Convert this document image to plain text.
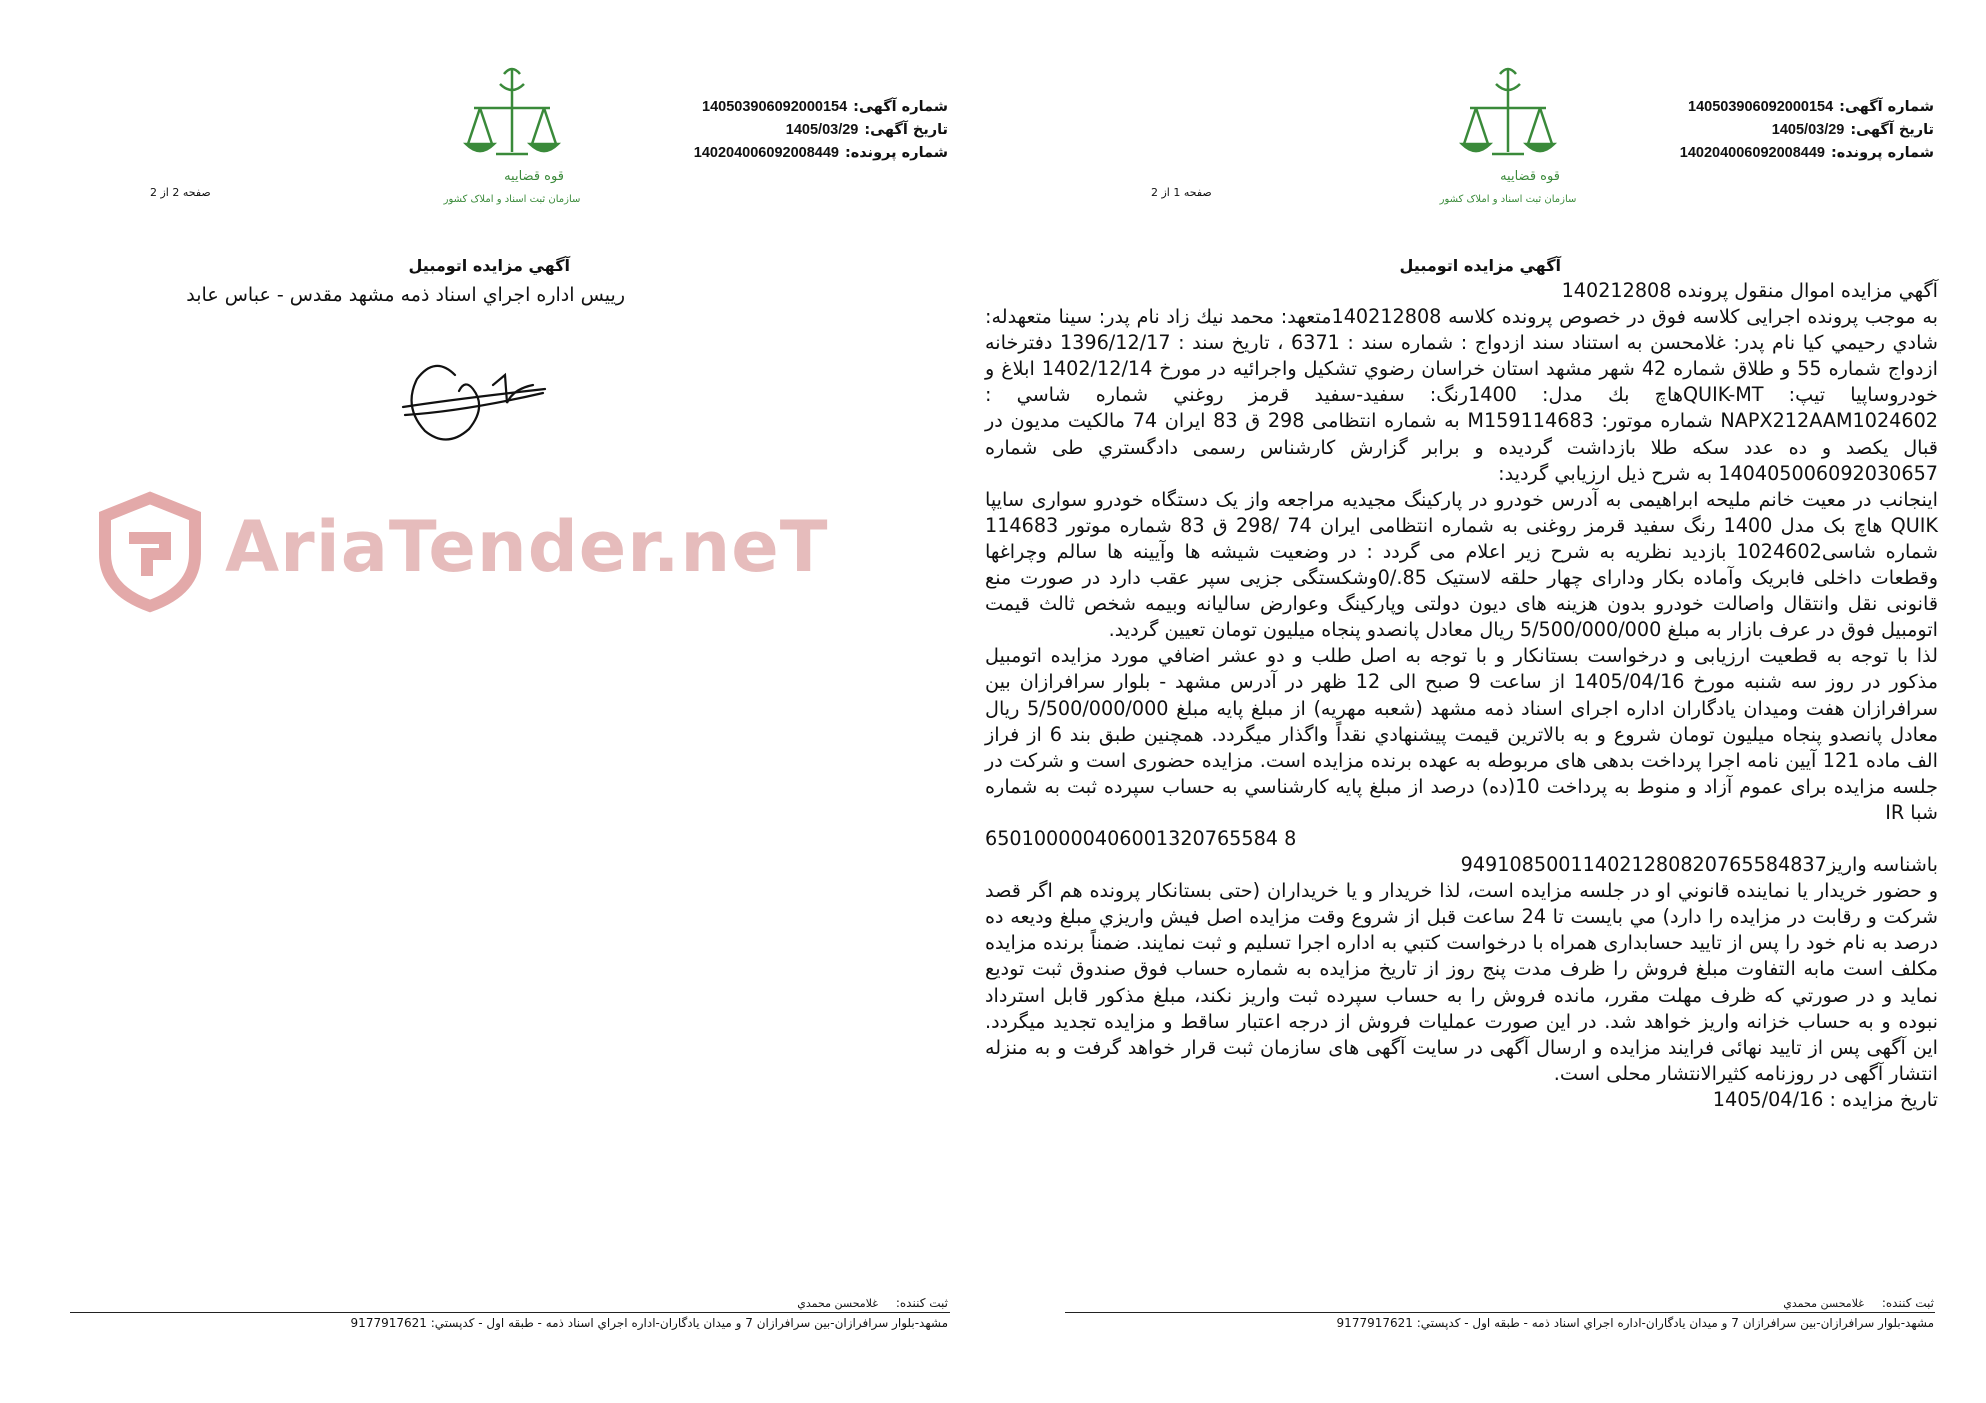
قوه قضاییه
سازمان ثبت اسناد و املاک کشور
شماره آگهی:140503906092000154
تاریخ آگهی:1405/03/29
شماره پرونده:140204006092008449
صفحه 2 از 2
آگهي مزايده اتومبيل
رييس اداره اجراي اسناد ذمه مشهد مقدس - عباس عابد
AriaTender.neT
ثبت کننده: غلامحسن محمدي
مشهد-بلوار سرافرازان-بين سرافرازان 7 و ميدان يادگاران-اداره اجراي اسناد ذمه - طبقه اول - كدپستي: 9177917621
قوه قضاییه
سازمان ثبت اسناد و املاک کشور
شماره آگهی:140503906092000154
تاریخ آگهی:1405/03/29
شماره پرونده:140204006092008449
صفحه 1 از 2
آگهي مزايده اتومبيل

آگهي مزايده اموال منقول پرونده 140212808

به موجب پرونده اجرايی كلاسه فوق در خصوص پرونده كلاسه 140212808متعهد: محمد نيك زاد نام پدر: سينا متعهدله: شادي رحيمي كيا نام پدر: غلامحسن به استناد سند ازدواج : شماره سند : 6371 ، تاريخ سند : 1396/12/17 دفترخانه ازدواج شماره 55 و طلاق شماره 42 شهر مشهد استان خراسان رضوي تشكيل واجرائيه در مورخ 1402/12/14 ابلاغ و خودروساپيا تيپ: QUIK-MTهاچ بك مدل: 1400رنگ: سفيد-سفيد قرمز روغني شماره شاسي : NAPX212AAM1024602 شماره موتور: M159114683 به شماره انتظامی 298 ق 83 ايران 74 مالكيت مديون در قبال يكصد و ده عدد سكه طلا بازداشت گرديده و برابر گزارش كارشناس رسمی دادگستري طی شماره 140405006092030657 به شرح ذيل ارزيابي گرديد:

اينجانب در معيت خانم مليحه ابراهيمی به آدرس خودرو در پاركينگ مجيديه مراجعه واز يک دستگاه خودرو سواری سايپا QUIK هاچ بک مدل 1400 رنگ سفيد قرمز روغنی به شماره انتظامی ايران 74 /298 ق 83 شماره موتور 114683 شماره شاسی1024602 بازديد نظريه به شرح زير اعلام می گردد : در وضعيت شيشه ها وآيينه ها سالم وچراغها وقطعات داخلی فابريک وآماده بكار ودارای چهار حلقه لاستيک 85./0وشكستگی جزيی سپر عقب دارد در صورت منع قانونی نقل وانتقال واصالت خودرو بدون هزينه های ديون دولتی وپاركينگ وعوارض ساليانه وبيمه شخص ثالث قيمت اتومبيل فوق در عرف بازار به مبلغ 5/500/000/000 ريال معادل پانصدو پنجاه ميليون تومان تعيين گرديد.

لذا با توجه به قطعيت ارزيابی و درخواست بستانكار و با توجه به اصل طلب و دو عشر اضافي مورد مزايده اتومبيل مذكور در روز سه شنبه مورخ 1405/04/16 از ساعت 9 صبح الی 12 ظهر در آدرس مشهد - بلوار سرافرازان بين سرافرازان هفت وميدان يادگاران اداره اجرای اسناد ذمه مشهد (شعبه مهريه) از مبلغ پايه مبلغ 5/500/000/000 ريال معادل پانصدو پنجاه ميليون تومان شروع و به بالاترين قيمت پيشنهادي نقداً واگذار ميگردد. همچنين طبق بند 6 از فراز الف ماده 121 آيين نامه اجرا پرداخت بدهی های مربوطه به عهده برنده مزايده است. مزايده حضوری است و شركت در جلسه مزايده برای عموم آزاد و منوط به پرداخت 10(ده) درصد از مبلغ پايه كارشناسي به حساب سپرده ثبت به شماره شبا IR

650100000406001320765584 8

باشناسه واريز949108500114021280820765584837

و حضور خريدار يا نماينده قانوني او در جلسه مزايده است، لذا خريدار و يا خريداران (حتی بستانكار پرونده هم اگر قصد شركت و رقابت در مزايده را دارد) مي بايست تا 24 ساعت قبل از شروع وقت مزايده اصل فيش واريزي مبلغ وديعه ده درصد به نام خود را پس از تاييد حسابداری همراه با درخواست كتبي به اداره اجرا تسليم و ثبت نمايند. ضمناً برنده مزايده مكلف است مابه التفاوت مبلغ فروش را ظرف مدت پنج روز از تاريخ مزايده به شماره حساب فوق صندوق ثبت توديع نمايد و در صورتي كه ظرف مهلت مقرر، مانده فروش را به حساب سپرده ثبت واريز نكند، مبلغ مذكور قابل استرداد نبوده و به حساب خزانه واريز خواهد شد. در اين صورت عمليات فروش از درجه اعتبار ساقط و مزايده تجديد ميگردد. اين آگهی پس از تاييد نهائی فرايند مزايده و ارسال آگهی در سايت آگهی های سازمان ثبت قرار خواهد گرفت و به منزله انتشار آگهی در روزنامه كثيرالانتشار محلی است.

تاريخ مزايده : 1405/04/16

ثبت کننده: غلامحسن محمدي
مشهد-بلوار سرافرازان-بين سرافرازان 7 و ميدان يادگاران-اداره اجراي اسناد ذمه - طبقه اول - كدپستي: 9177917621
